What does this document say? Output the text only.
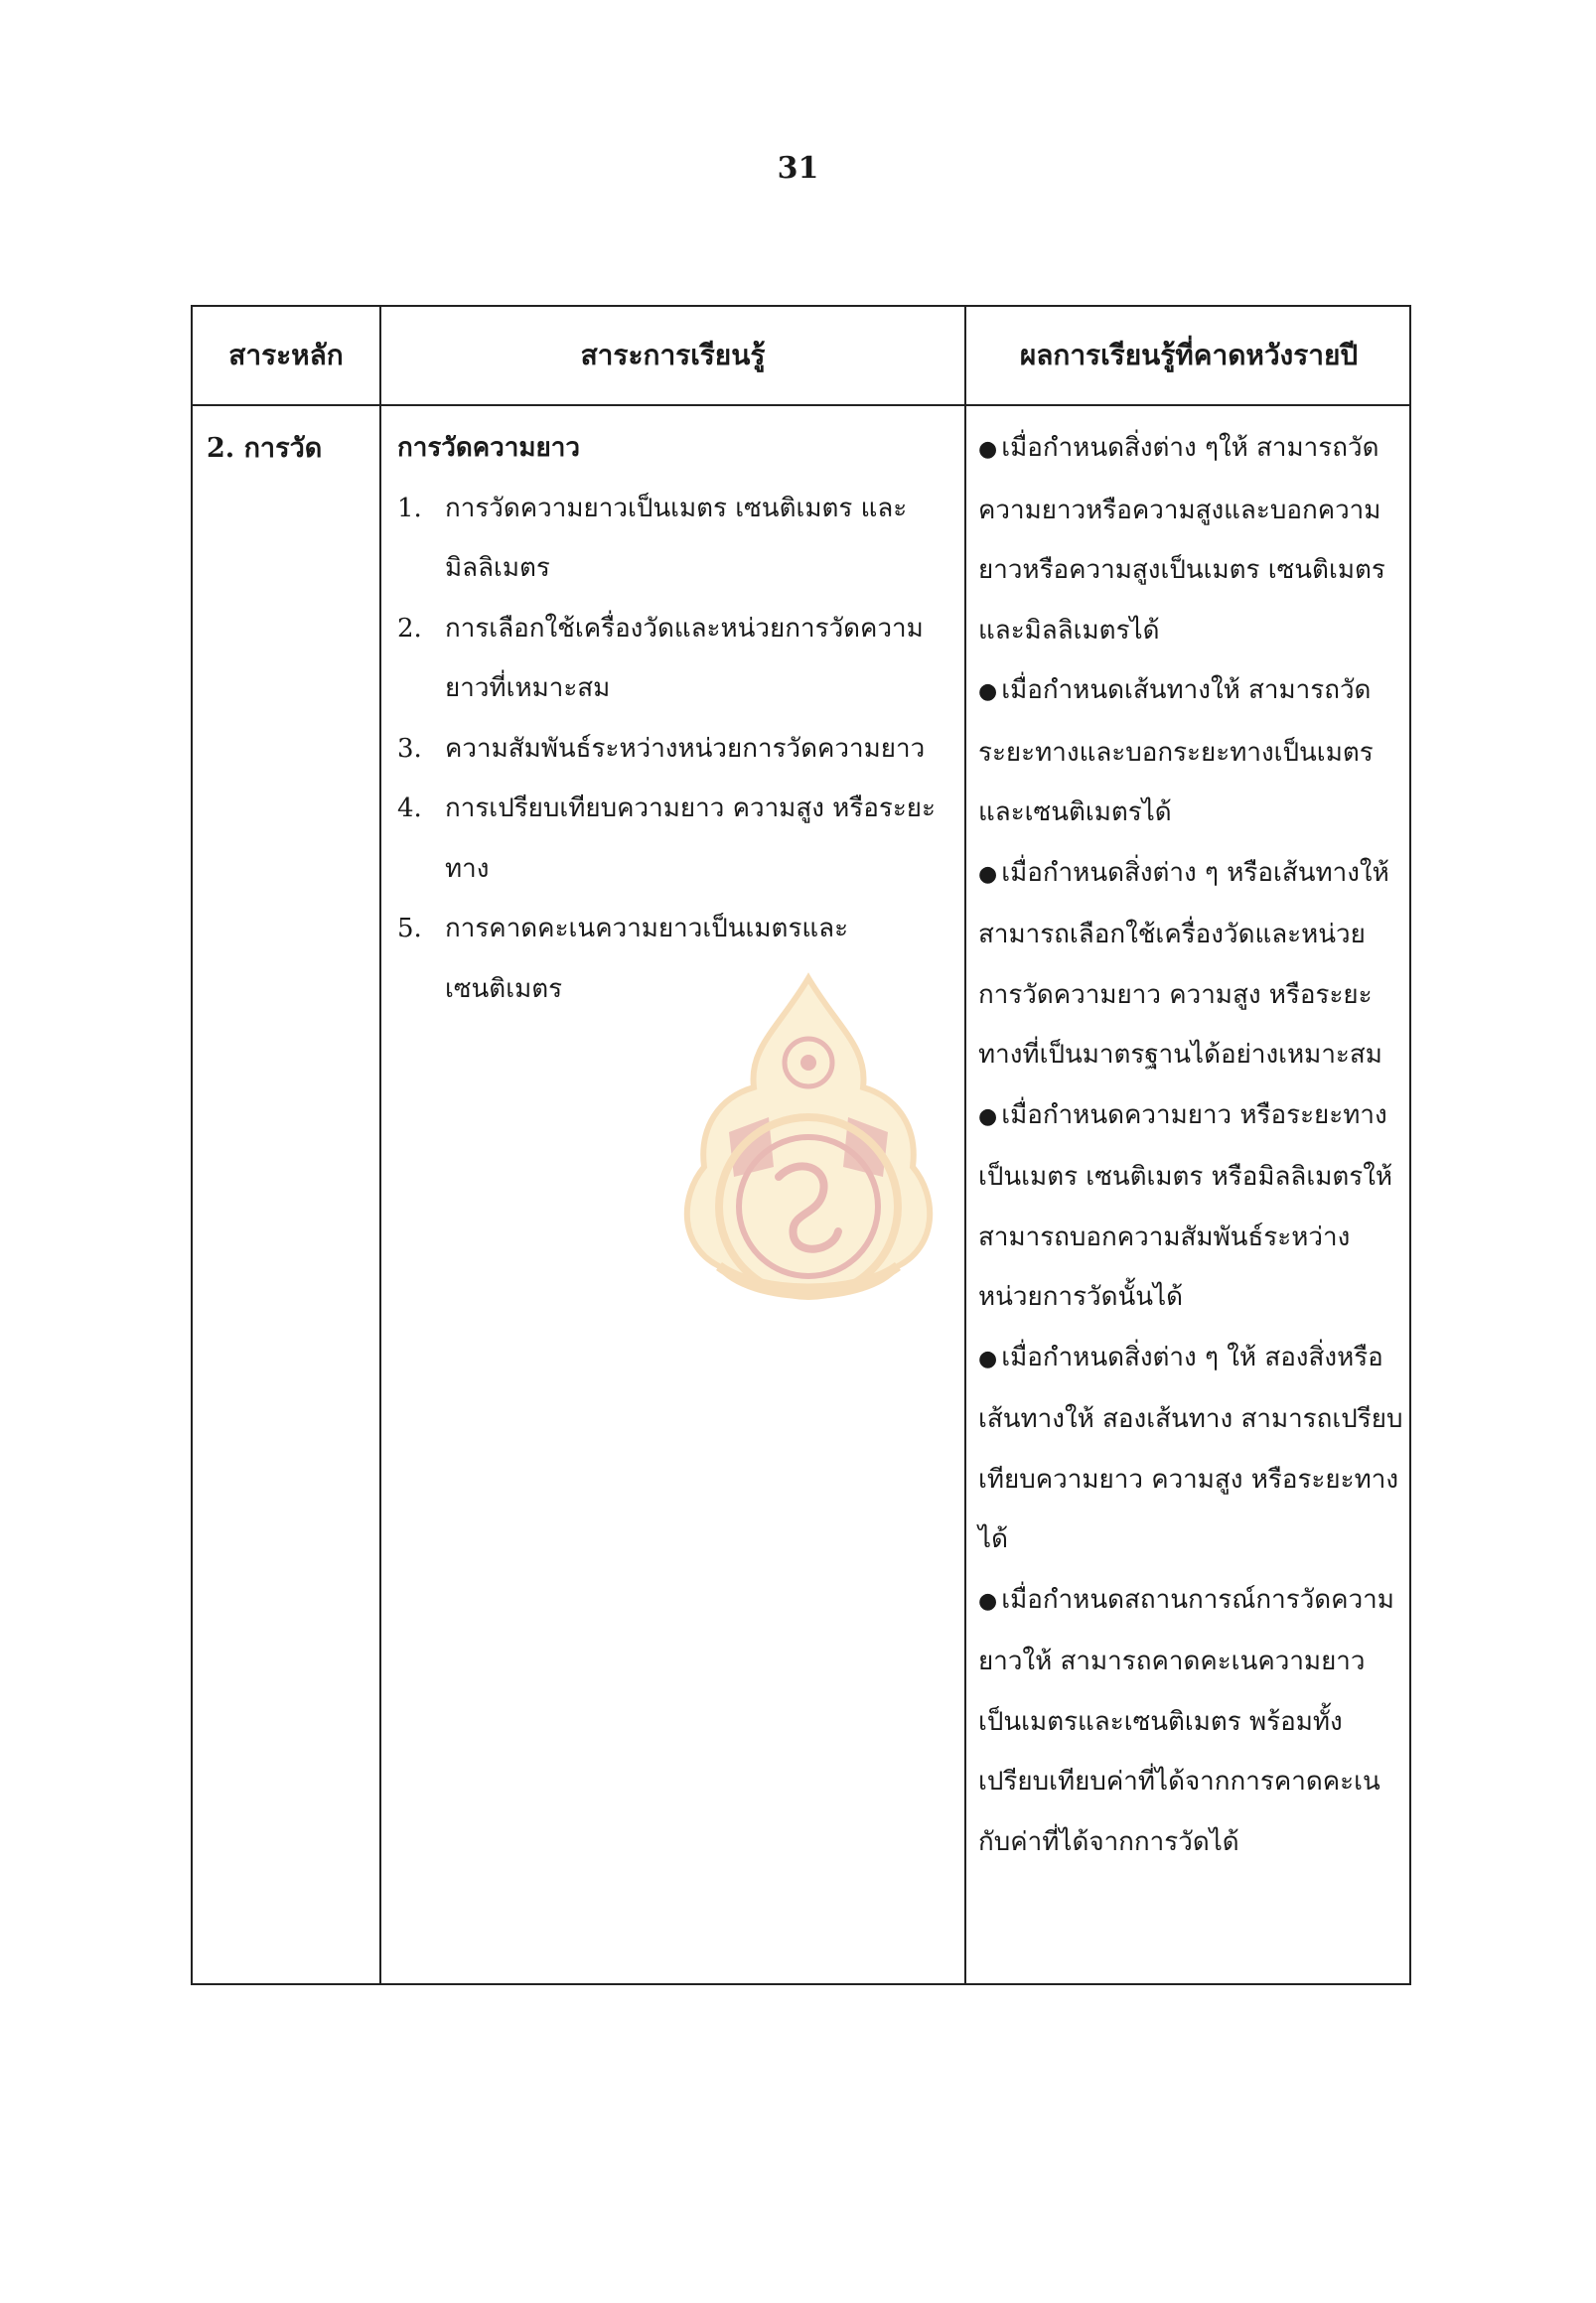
31
สาระหลัก	สาระการเรียนรู้	ผลการเรียนรู้ที่คาดหวังรายปี
2. การวัด	การวัดความยาว
1. การวัดความยาวเป็นเมตร เซนติเมตร และมิลลิเมตร
2. การเลือกใช้เครื่องวัดและหน่วยการวัดความยาวที่เหมาะสม
3. ความสัมพันธ์ระหว่างหน่วยการวัดความยาว
4. การเปรียบเทียบความยาว ความสูง หรือระยะทาง
5. การคาดคะเนความยาวเป็นเมตรและเซนติเมตร

● เมื่อกำหนดสิ่งต่าง ๆให้ สามารถวัดความยาวหรือความสูงและบอกความยาวหรือความสูงเป็นเมตร เซนติเมตร และมิลลิเมตรได้

● เมื่อกำหนดเส้นทางให้ สามารถวัดระยะทางและบอกระยะทางเป็นเมตรและเซนติเมตรได้

● เมื่อกำหนดสิ่งต่าง ๆ หรือเส้นทางให้ สามารถเลือกใช้เครื่องวัดและหน่วยการวัดความยาว ความสูง หรือระยะทางที่เป็นมาตรฐานได้อย่างเหมาะสม

● เมื่อกำหนดความยาว หรือระยะทางเป็นเมตร เซนติเมตร หรือมิลลิเมตรให้ สามารถบอกความสัมพันธ์ระหว่างหน่วยการวัดนั้นได้

● เมื่อกำหนดสิ่งต่าง ๆ ให้ สองสิ่งหรือเส้นทางให้ สองเส้นทาง สามารถเปรียบเทียบความยาว ความสูง หรือระยะทางได้

● เมื่อกำหนดสถานการณ์การวัดความยาวให้ สามารถคาดคะเนความยาวเป็นเมตรและเซนติเมตร พร้อมทั้งเปรียบเทียบค่าที่ได้จากการคาดคะเนกับค่าที่ได้จากการวัดได้
